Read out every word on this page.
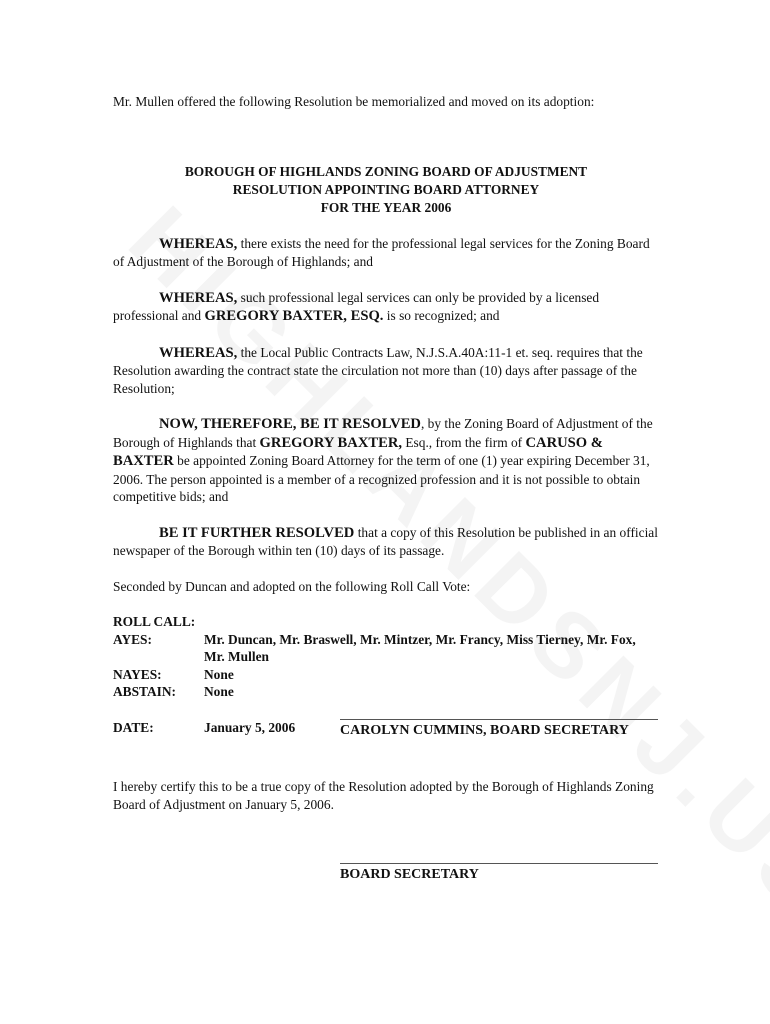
Mr. Mullen offered the following Resolution be memorialized and moved on its adoption:

BOROUGH OF HIGHLANDS ZONING BOARD OF ADJUSTMENT
RESOLUTION APPOINTING BOARD ATTORNEY
FOR THE YEAR 2006

WHEREAS, there exists the need for the professional legal services for the Zoning Board of Adjustment of the Borough of Highlands; and

WHEREAS, such professional legal services can only be provided by a licensed professional and GREGORY BAXTER, ESQ. is so recognized; and

WHEREAS, the Local Public Contracts Law, N.J.S.A.40A:11-1 et. seq. requires that the Resolution awarding the contract state the circulation not more than (10) days after passage of the Resolution;

NOW, THEREFORE, BE IT RESOLVED, by the Zoning Board of Adjustment of the Borough of Highlands that GREGORY BAXTER, Esq., from the firm of CARUSO & BAXTER be appointed Zoning Board Attorney for the term of one (1) year expiring December 31, 2006. The person appointed is a member of a recognized profession and it is not possible to obtain competitive bids; and

BE IT FURTHER RESOLVED that a copy of this Resolution be published in an official newspaper of the Borough within ten (10) days of its passage.

Seconded by Duncan and adopted on the following Roll Call Vote:

ROLL CALL:
AYES:	Mr. Duncan, Mr. Braswell, Mr. Mintzer, Mr. Francy, Miss Tierney, Mr. Fox, Mr. Mullen
NAYES:	None
ABSTAIN:	None
DATE:	January 5, 2006	CAROLYN CUMMINS, BOARD SECRETARY

I hereby certify this to be a true copy of the Resolution adopted by the Borough of Highlands Zoning Board of Adjustment on January 5, 2006.

BOARD SECRETARY
